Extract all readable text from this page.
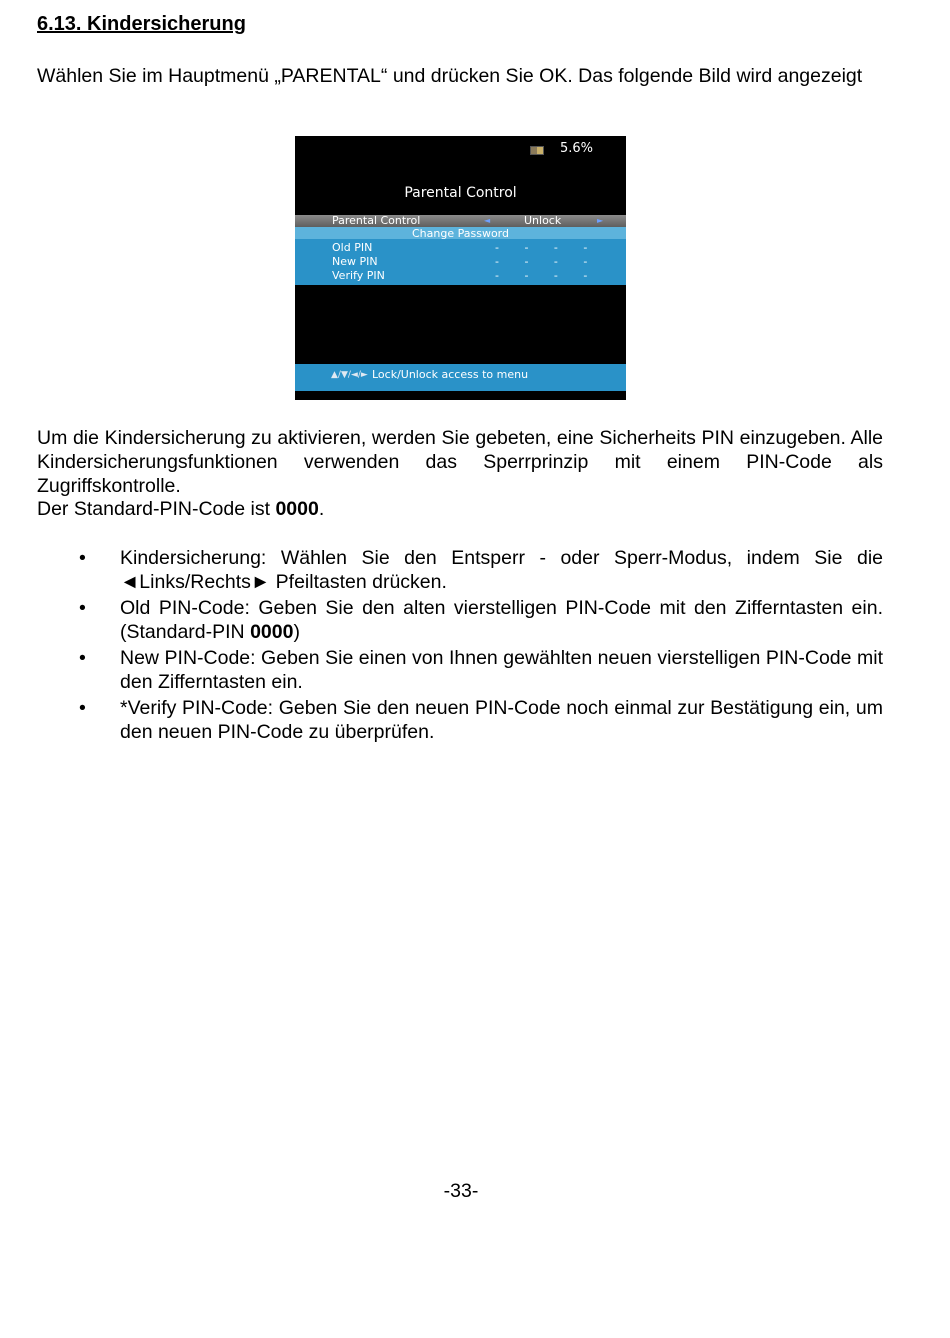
6.13. Kindersicherung

Wählen Sie im Hauptmenü „PARENTAL“ und drücken Sie OK. Das folgende Bild wird angezeigt

5.6%
Parental Control
Parental Control	◄	Unlock	►
Change Password
Old PIN	- - - -
New PIN	- - - -
Verify PIN	- - - -
▲/▼/◄/► Lock/Unlock access to menu

Um die Kindersicherung zu aktivieren, werden Sie gebeten, eine Sicherheits PIN einzugeben. Alle Kindersicherungsfunktionen verwenden das Sperrprinzip mit einem PIN-Code als Zugriffskontrolle.

Der Standard-PIN-Code ist 0000.

• Kindersicherung: Wählen Sie den Entsperr - oder Sperr-Modus, indem Sie die ◄Links/Rechts► Pfeiltasten drücken.
• Old PIN-Code: Geben Sie den alten vierstelligen PIN-Code mit den Zifferntasten ein. (Standard-PIN 0000)
• New PIN-Code: Geben Sie einen von Ihnen gewählten neuen vierstelligen PIN-Code mit den Zifferntasten ein.
• *Verify PIN-Code: Geben Sie den neuen PIN-Code noch einmal zur Bestätigung ein, um den neuen PIN-Code zu überprüfen.
-33-
